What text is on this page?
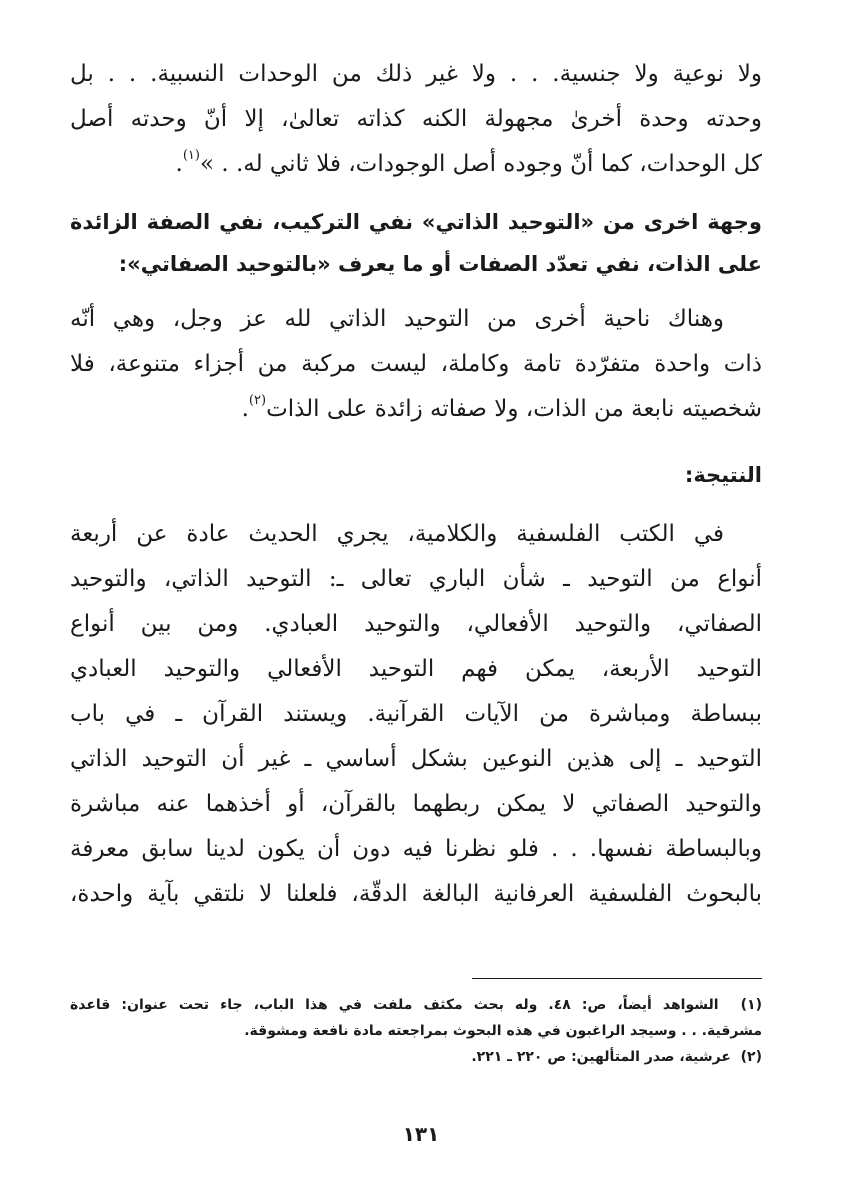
ولا نوعية ولا جنسية. . . ولا غير ذلك من الوحدات النسبية. . . بل
وحدته وحدة أخرىٰ مجهولة الكنه كذاته تعالىٰ، إلا أنّ وحدته أصل
كل الوحدات، كما أنّ وجوده أصل الوجودات، فلا ثاني له. . »$^{(١)}$.

وجهة اخرى من «التوحيد الذاتي» نفي التركيب، نفي الصفة الزائدة
على الذات، نفي تعدّد الصفات أو ما يعرف «بالتوحيد الصفاتي»:

وهناك ناحية أخرى من التوحيد الذاتي لله عز وجل، وهي أنّه
ذات واحدة متفرّدة تامة وكاملة، ليست مركبة من أجزاء متنوعة، فلا
شخصيته نابعة من الذات، ولا صفاته زائدة على الذات$^{(٢)}$.

النتيجة:

في الكتب الفلسفية والكلامية، يجري الحديث عادة عن أربعة
أنواع من التوحيد ـ شأن الباري تعالى ـ: التوحيد الذاتي، والتوحيد
الصفاتي، والتوحيد الأفعالي، والتوحيد العبادي. ومن بين أنواع
التوحيد الأربعة، يمكن فهم التوحيد الأفعالي والتوحيد العبادي
ببساطة ومباشرة من الآيات القرآنية. ويستند القرآن ـ في باب
التوحيد ـ إلى هذين النوعين بشكل أساسي ـ غير أن التوحيد الذاتي
والتوحيد الصفاتي لا يمكن ربطهما بالقرآن، أو أخذهما عنه مباشرة
وبالبساطة نفسها. . . فلو نظرنا فيه دون أن يكون لدينا سابق معرفة
بالبحوث الفلسفية العرفانية البالغة الدقّة، فلعلنا لا نلتقي بآية واحدة،

(١)  الشواهد أيضاً، ص: ٤٨. وله بحث مكثف ملفت في هذا الباب، جاء تحت عنوان: قاعدة
مشرقية. . . وسيجد الراغبون في هذه البحوث بمراجعته مادة نافعة ومشوقة.
(٢)  عرشية، صدر المتألهين: ص ٢٢٠ ـ ٢٢١.
١٣١
